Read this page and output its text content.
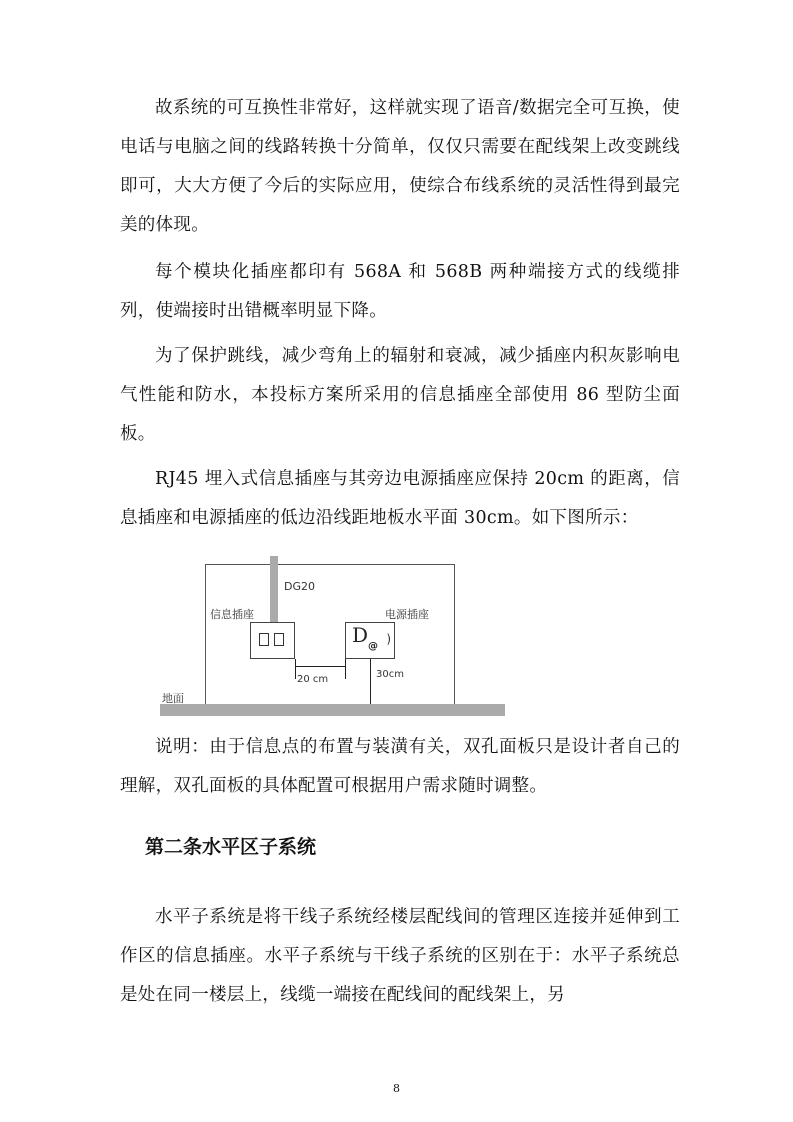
故系统的可互换性非常好，这样就实现了语音/数据完全可互换，使电话与电脑之间的线路转换十分简单，仅仅只需要在配线架上改变跳线即可，大大方便了今后的实际应用，使综合布线系统的灵活性得到最完美的体现。

每个模块化插座都印有 568A 和 568B 两种端接方式的线缆排列，使端接时出错概率明显下降。

为了保护跳线，减少弯角上的辐射和衰减，减少插座内积灰影响电气性能和防水，本投标方案所采用的信息插座全部使用 86 型防尘面板。

RJ45 埋入式信息插座与其旁边电源插座应保持 20cm 的距离，信息插座和电源插座的低边沿线距地板水平面 30cm。如下图所示：

DG20
信息插座	电源插座
D @
)
20 cm	30cm
地面

说明：由于信息点的布置与装潢有关，双孔面板只是设计者自己的理解，双孔面板的具体配置可根据用户需求随时调整。

第二条水平区子系统

水平子系统是将干线子系统经楼层配线间的管理区连接并延伸到工作区的信息插座。水平子系统与干线子系统的区别在于：水平子系统总是处在同一楼层上，线缆一端接在配线间的配线架上，另

8
